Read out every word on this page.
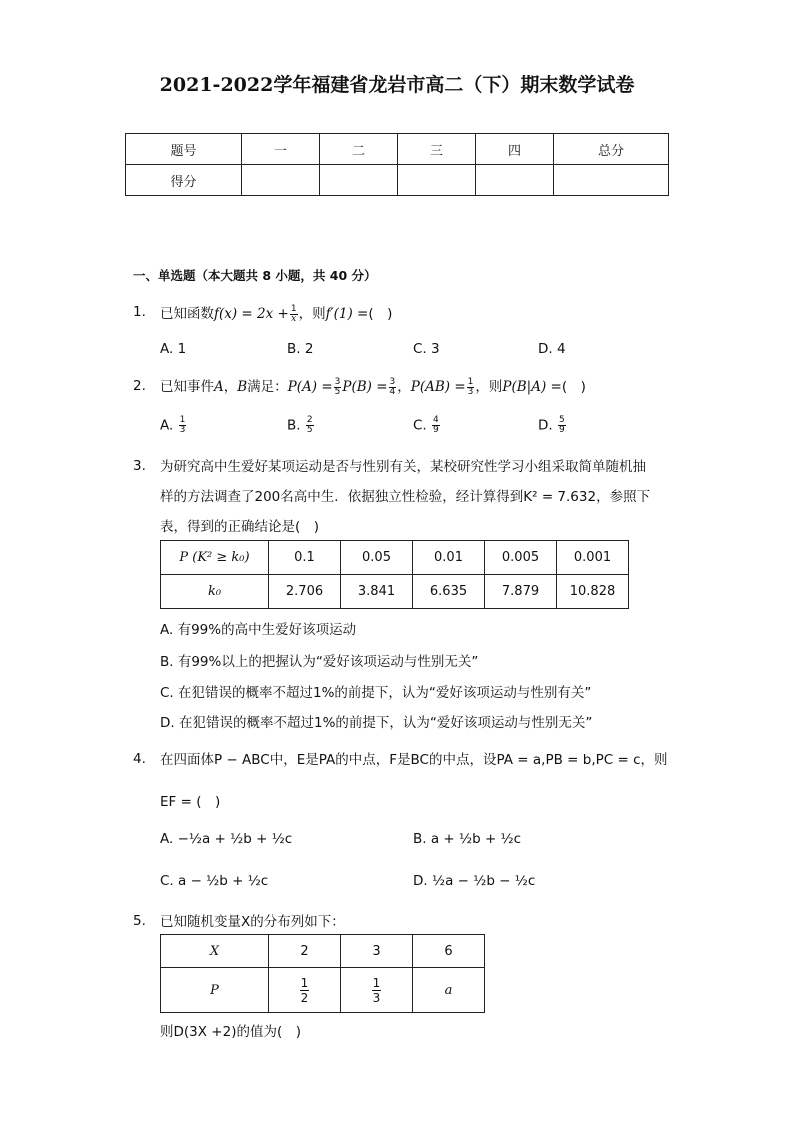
2021-2022学年福建省龙岩市高二（下）期末数学试卷
题号	一	二	三	四	总分
得分					
一、单选题（本大题共 8 小题，共 40 分）
1. 已知函数$f(x) = 2x + \frac{1}{x}$ ，则f′(1) =(　)
A. 1	B. 2	C. 3	D. 4
2. 已知事件A，B满足：$P(A) = \frac{3}{5} P(B) = \frac{3}{4}$ ，$P(AB) = \frac{1}{3}$ ，则P(B|A) =(　)
A. $\frac{1}{3}$	B. $\frac{2}{5}$	C. $\frac{4}{9}$	D. $\frac{5}{9}$
3. 为研究高中生爱好某项运动是否与性别有关，某校研究性学习小组采取简单随机抽
样的方法调查了200名高中生．依据独立性检验，经计算得到K² = 7.632，参照下
表，得到的正确结论是(　)
P (K² ≥ k₀)	0.1	0.05	0.01	0.005	0.001
k₀	2.706	3.841	6.635	7.879	10.828
A. 有99%的高中生爱好该项运动
B. 有99%以上的把握认为“爱好该项运动与性别无关”
C. 在犯错误的概率不超过1%的前提下，认为“爱好该项运动与性别有关”
D. 在犯错误的概率不超过1%的前提下，认为“爱好该项运动与性别无关”
4. 在四面体P − ABC中，E是PA的中点，F是BC的中点，设PA = a,PB = b,PC = c，则
EF = (　)
A. −½a + ½b + ½c	B. a + ½b + ½c
C. a − ½b + ½c	D. ½a − ½b − ½c
5. 已知随机变量X的分布列如下：
X	2	3	6
P	$\frac{1}{2}$	$\frac{1}{3}$	a
则D(3X +2)的值为(　)
